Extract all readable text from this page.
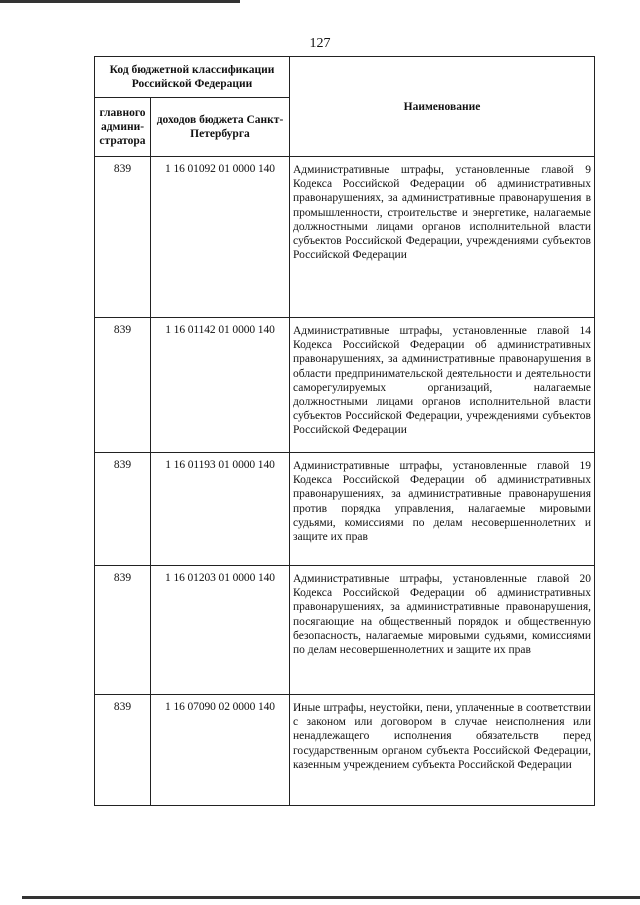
127
Код бюджетной классификации Российской Федерации		Наименование
главного админи-стратора	доходов бюджета Санкт-Петербурга	
839	1 16 01092 01 0000 140	Административные штрафы, установленные главой 9 Кодекса Российской Федерации об административных правонарушениях, за административные правонарушения в промышленности, строительстве и энергетике, налагаемые должностными лицами органов исполнительной власти субъектов Российской Федерации, учреждениями субъектов Российской Федерации
839	1 16 01142 01 0000 140	Административные штрафы, установленные главой 14 Кодекса Российской Федерации об административных правонарушениях, за административные правонарушения в области предпринимательской деятельности и деятельности саморегулируемых организаций, налагаемые должностными лицами органов исполнительной власти субъектов Российской Федерации, учреждениями субъектов Российской Федерации
839	1 16 01193 01 0000 140	Административные штрафы, установленные главой 19 Кодекса Российской Федерации об административных правонарушениях, за административные правонарушения против порядка управления, налагаемые мировыми судьями, комиссиями по делам несовершеннолетних и защите их прав
839	1 16 01203 01 0000 140	Административные штрафы, установленные главой 20 Кодекса Российской Федерации об административных правонарушениях, за административные правонарушения, посягающие на общественный порядок и общественную безопасность, налагаемые мировыми судьями, комиссиями по делам несовершеннолетних и защите их прав
839	1 16 07090 02 0000 140	Иные штрафы, неустойки, пени, уплаченные в соответствии с законом или договором в случае неисполнения или ненадлежащего исполнения обязательств перед государственным органом субъекта Российской Федерации, казенным учреждением субъекта Российской Федерации
